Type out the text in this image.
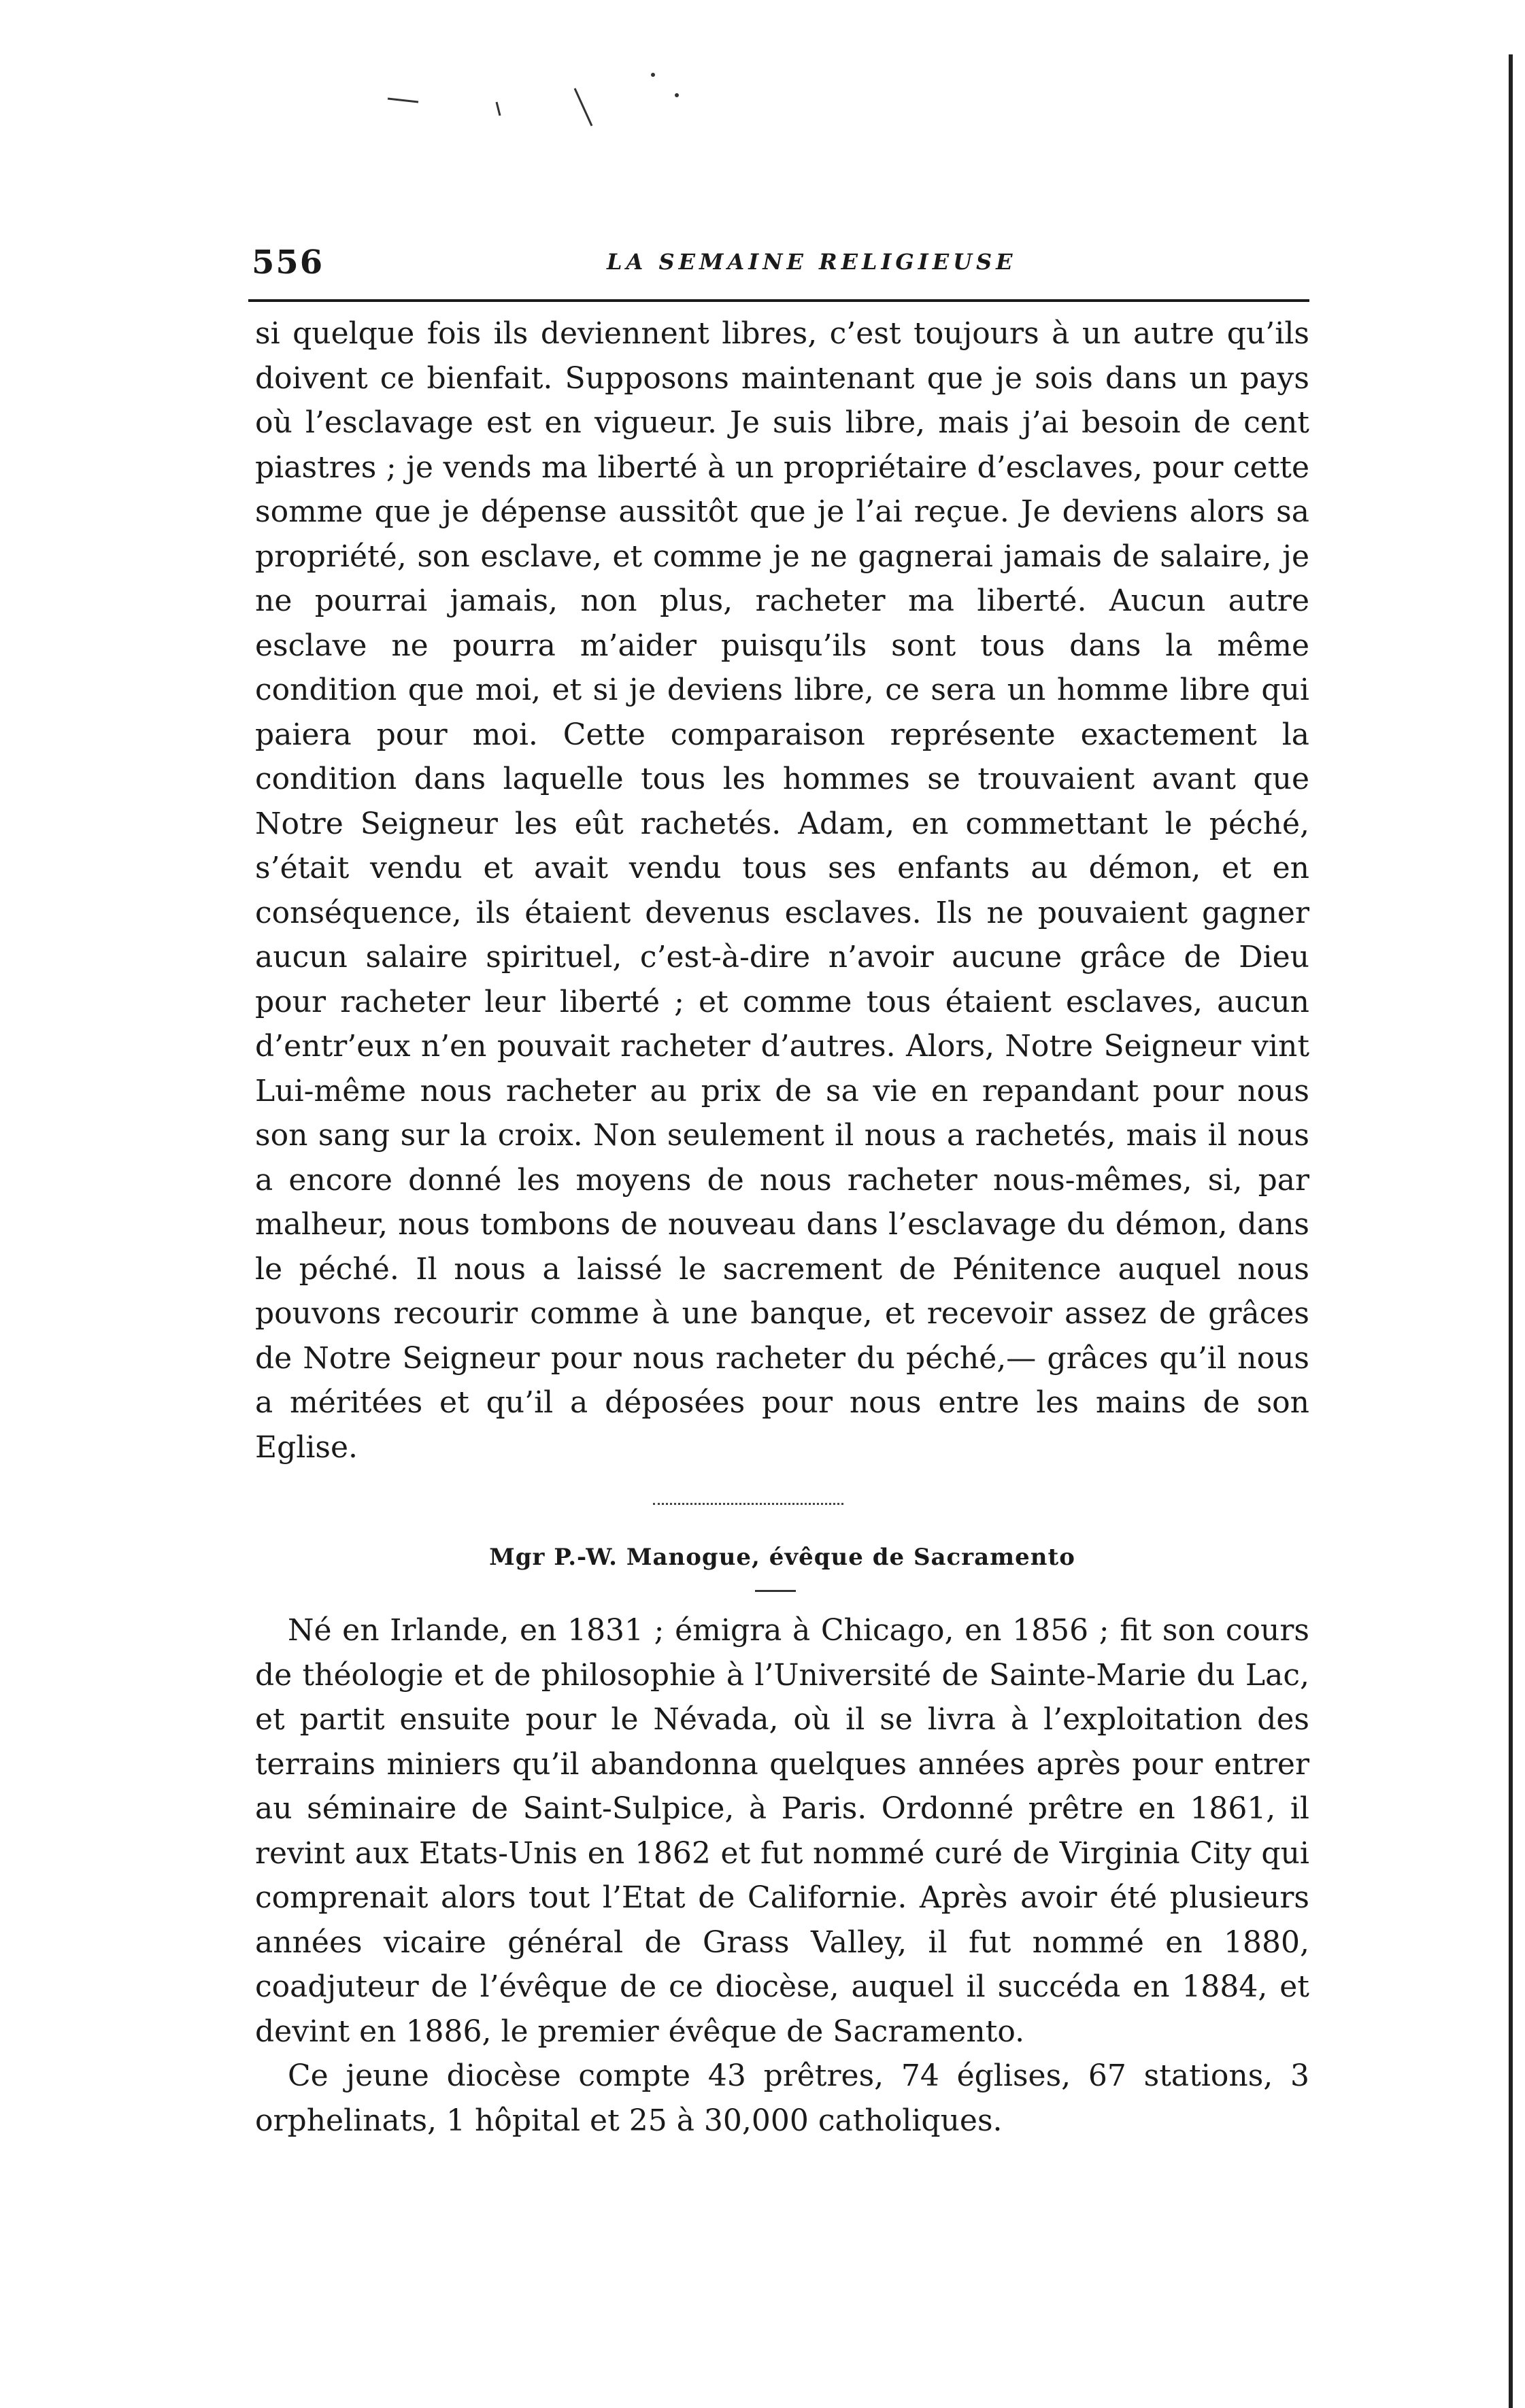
556	LA SEMAINE RELIGIEUSE

si quelque fois ils deviennent libres, c’est toujours à un autre qu’ils doivent ce bienfait. Supposons maintenant que je sois dans un pays où l’esclavage est en vigueur. Je suis libre, mais j’ai besoin de cent piastres ; je vends ma liberté à un propriétaire d’esclaves, pour cette somme que je dépense aussitôt que je l’ai reçue. Je deviens alors sa propriété, son esclave, et comme je ne gagnerai jamais de salaire, je ne pourrai jamais, non plus, racheter ma liberté. Aucun autre esclave ne pourra m’aider puisqu’ils sont tous dans la même condition que moi, et si je deviens libre, ce sera un homme libre qui paiera pour moi. Cette comparaison représente exactement la condition dans laquelle tous les hommes se trouvaient avant que Notre Seigneur les eût rachetés. Adam, en commettant le péché, s’était vendu et avait vendu tous ses enfants au démon, et en conséquence, ils étaient devenus esclaves. Ils ne pouvaient gagner aucun salaire spirituel, c’est-à-dire n’avoir aucune grâce de Dieu pour racheter leur liberté ; et comme tous étaient esclaves, aucun d’entr’eux n’en pouvait racheter d’autres. Alors, Notre Seigneur vint Lui-même nous racheter au prix de sa vie en repandant pour nous son sang sur la croix. Non seulement il nous a rachetés, mais il nous a encore donné les moyens de nous racheter nous-mêmes, si, par malheur, nous tombons de nouveau dans l’esclavage du démon, dans le péché. Il nous a laissé le sacrement de Pénitence auquel nous pouvons recourir comme à une banque, et recevoir assez de grâces de Notre Seigneur pour nous racheter du péché,— grâces qu’il nous a méritées et qu’il a déposées pour nous entre les mains de son Eglise.

Mgr P.-W. Manogue, évêque de Sacramento

Né en Irlande, en 1831 ; émigra à Chicago, en 1856 ; fit son cours de théologie et de philosophie à l’Université de Sainte-Marie du Lac, et partit ensuite pour le Névada, où il se livra à l’exploitation des terrains miniers qu’il abandonna quelques années après pour entrer au séminaire de Saint-Sulpice, à Paris. Ordonné prêtre en 1861, il revint aux Etats-Unis en 1862 et fut nommé curé de Virginia City qui comprenait alors tout l’Etat de Californie. Après avoir été plusieurs années vicaire général de Grass Valley, il fut nommé en 1880, coadjuteur de l’évêque de ce diocèse, auquel il succéda en 1884, et devint en 1886, le premier évêque de Sacramento.

Ce jeune diocèse compte 43 prêtres, 74 églises, 67 stations, 3 orphelinats, 1 hôpital et 25 à 30,000 catholiques.
